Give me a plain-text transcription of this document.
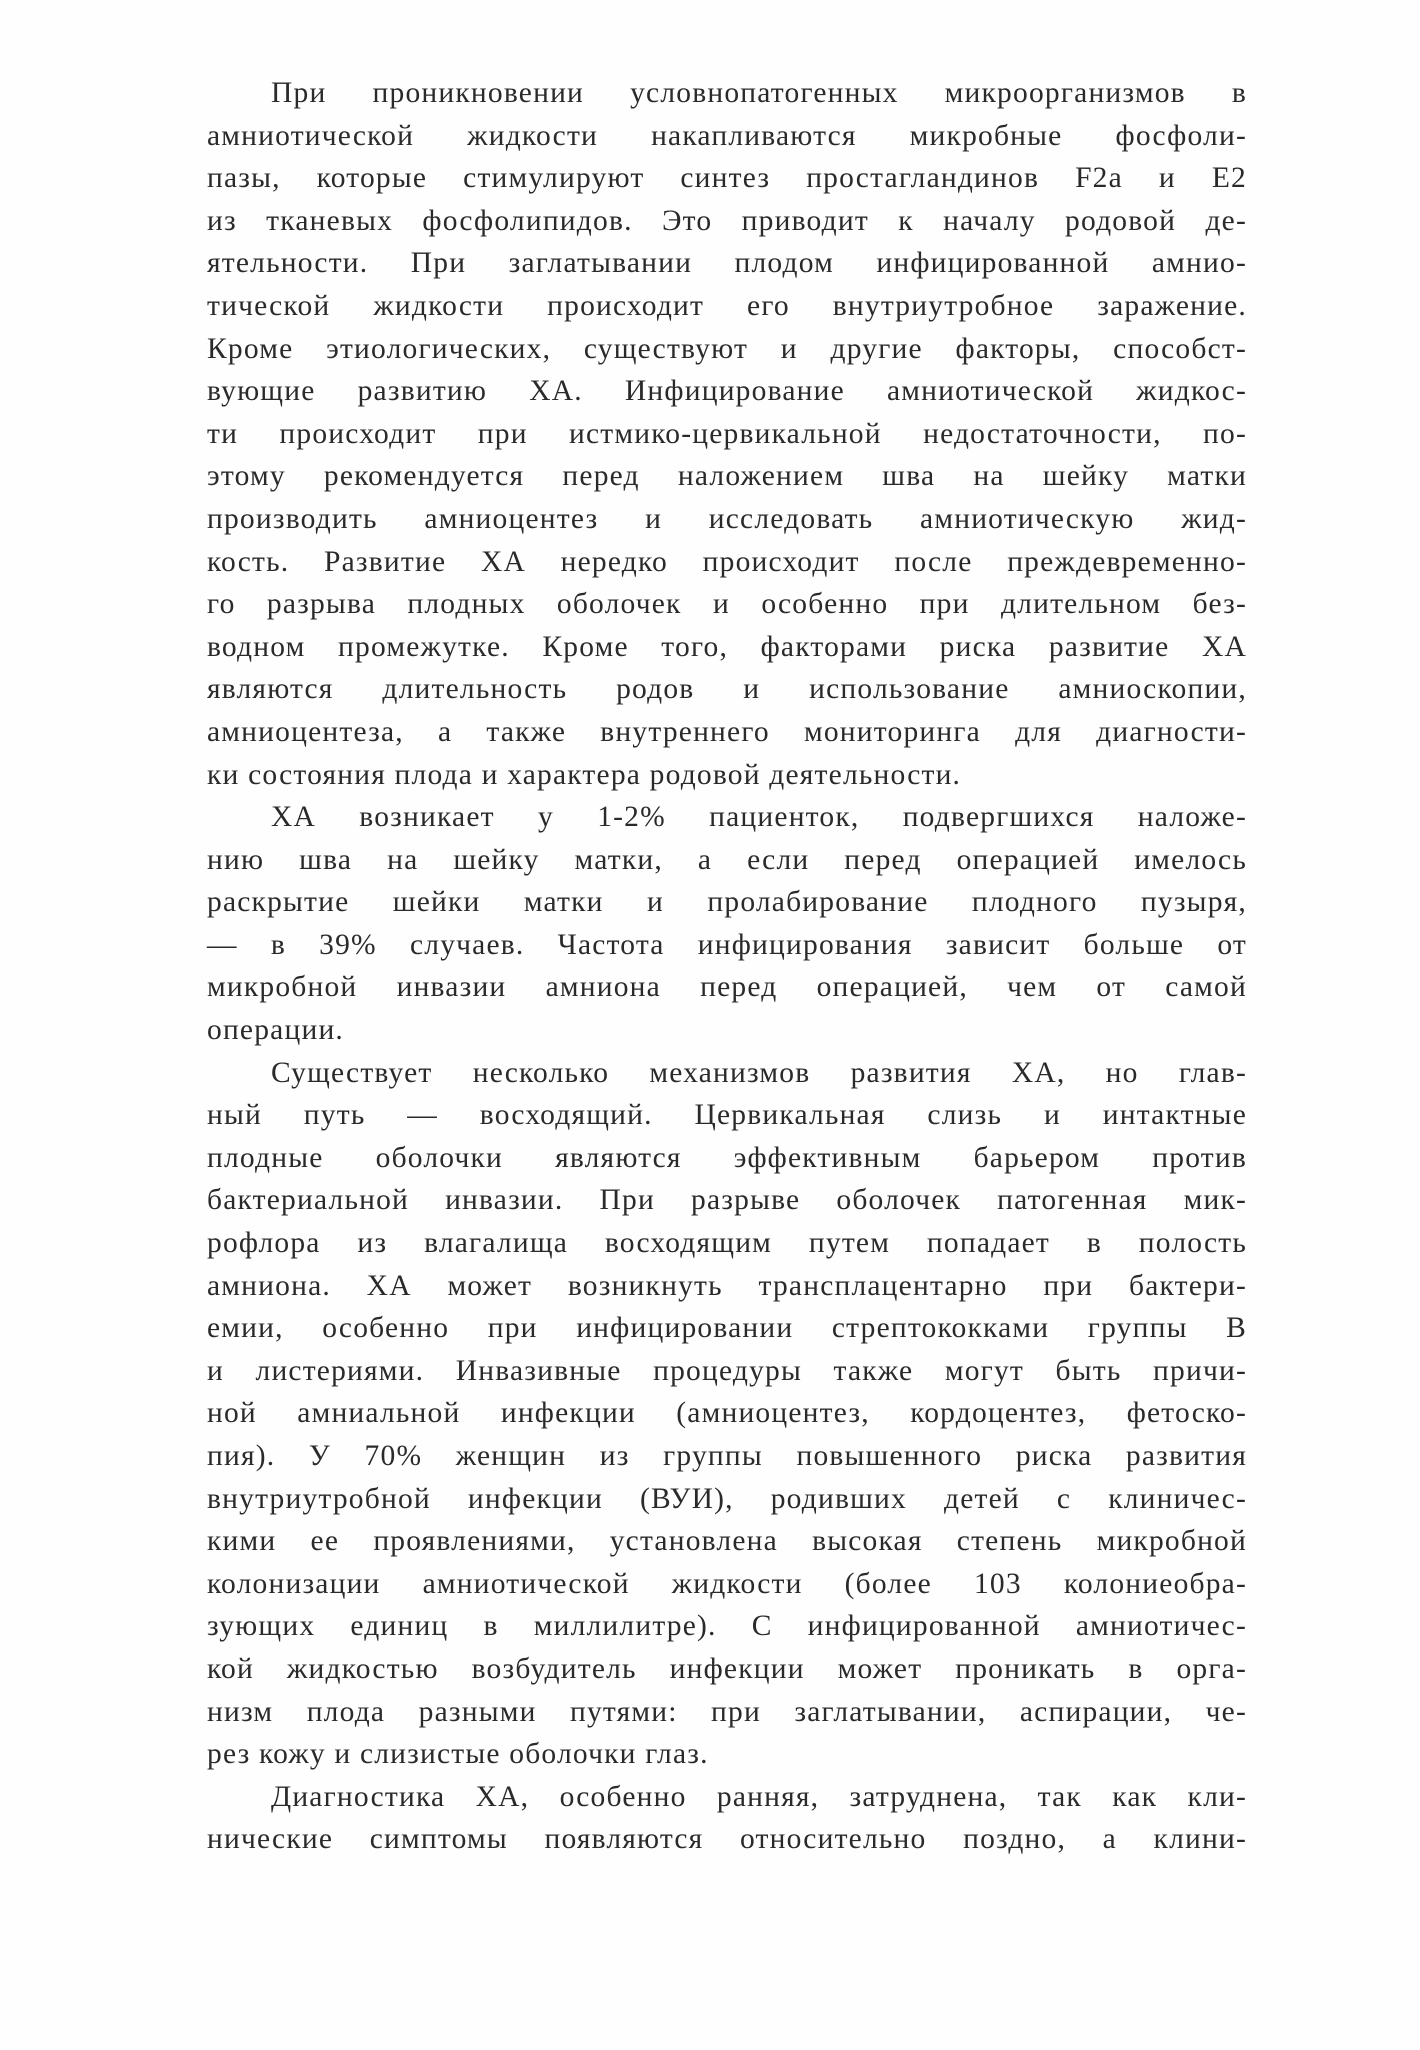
При проникновении условнопатогенных микроорганизмов в
амниотической жидкости накапливаются микробные фосфоли-
пазы, которые стимулируют синтез простагландинов F2a и E2
из тканевых фосфолипидов. Это приводит к началу родовой де-
ятельности. При заглатывании плодом инфицированной амнио-
тической жидкости происходит его внутриутробное заражение.
Кроме этиологических, существуют и другие факторы, способст-
вующие развитию ХА. Инфицирование амниотической жидкос-
ти происходит при истмико-цервикальной недостаточности, по-
этому рекомендуется перед наложением шва на шейку матки
производить амниоцентез и исследовать амниотическую жид-
кость. Развитие ХА нередко происходит после преждевременно-
го разрыва плодных оболочек и особенно при длительном без-
водном промежутке. Кроме того, факторами риска развитие ХА
являются длительность родов и использование амниоскопии,
амниоцентеза, а также внутреннего мониторинга для диагности-
ки состояния плода и характера родовой деятельности.
ХА возникает у 1-2% пациенток, подвергшихся наложе-
нию шва на шейку матки, а если перед операцией имелось
раскрытие шейки матки и пролабирование плодного пузыря,
— в 39% случаев. Частота инфицирования зависит больше от
микробной инвазии амниона перед операцией, чем от самой
операции.
Существует несколько механизмов развития ХА, но глав-
ный путь — восходящий. Цервикальная слизь и интактные
плодные оболочки являются эффективным барьером против
бактериальной инвазии. При разрыве оболочек патогенная мик-
рофлора из влагалища восходящим путем попадает в полость
амниона. ХА может возникнуть трансплацентарно при бактери-
емии, особенно при инфицировании стрептококками группы В
и листериями. Инвазивные процедуры также могут быть причи-
ной амниальной инфекции (амниоцентез, кордоцентез, фетоско-
пия). У 70% женщин из группы повышенного риска развития
внутриутробной инфекции (ВУИ), родивших детей с клиничес-
кими ее проявлениями, установлена высокая степень микробной
колонизации амниотической жидкости (более 103 колониеобра-
зующих единиц в миллилитре). С инфицированной амниотичес-
кой жидкостью возбудитель инфекции может проникать в орга-
низм плода разными путями: при заглатывании, аспирации, че-
рез кожу и слизистые оболочки глаз.
Диагностика ХА, особенно ранняя, затруднена, так как кли-
нические симптомы появляются относительно поздно, а клини-
